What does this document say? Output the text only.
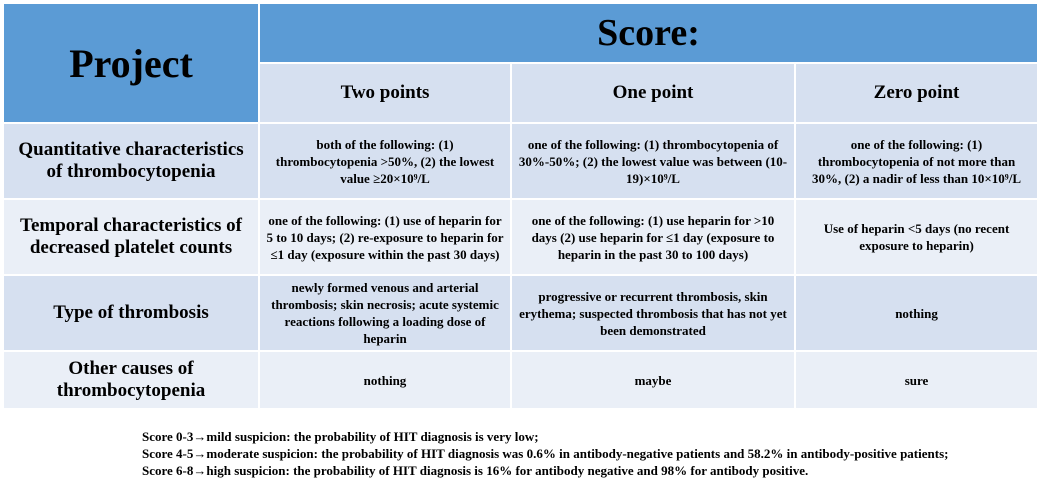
Project	Score:		
	Two points	One point	Zero point
Quantitative characteristics of thrombocytopenia	both of the following: (1) thrombocytopenia >50%, (2) the lowest value ≥20×10⁹/L	one of the following: (1) thrombocytopenia of 30%-50%; (2) the lowest value was between (10-19)×10⁹/L	one of the following: (1) thrombocytopenia of not more than 30%, (2) a nadir of less than 10×10⁹/L
Temporal characteristics of decreased platelet counts	one of the following: (1) use of heparin for 5 to 10 days; (2) re-exposure to heparin for ≤1 day (exposure within the past 30 days)	one of the following: (1) use heparin for >10 days (2) use heparin for ≤1 day (exposure to heparin in the past 30 to 100 days)	Use of heparin <5 days (no recent exposure to heparin)
Type of thrombosis	newly formed venous and arterial thrombosis; skin necrosis; acute systemic reactions following a loading dose of heparin	progressive or recurrent thrombosis, skin erythema; suspected thrombosis that has not yet been demonstrated	nothing
Other causes of thrombocytopenia	nothing	maybe	sure
Score 0-3→mild suspicion: the probability of HIT diagnosis is very low;
Score 4-5→moderate suspicion: the probability of HIT diagnosis was 0.6% in antibody-negative patients and 58.2% in antibody-positive patients;
Score 6-8→high suspicion: the probability of HIT diagnosis is 16% for antibody negative and 98% for antibody positive.
